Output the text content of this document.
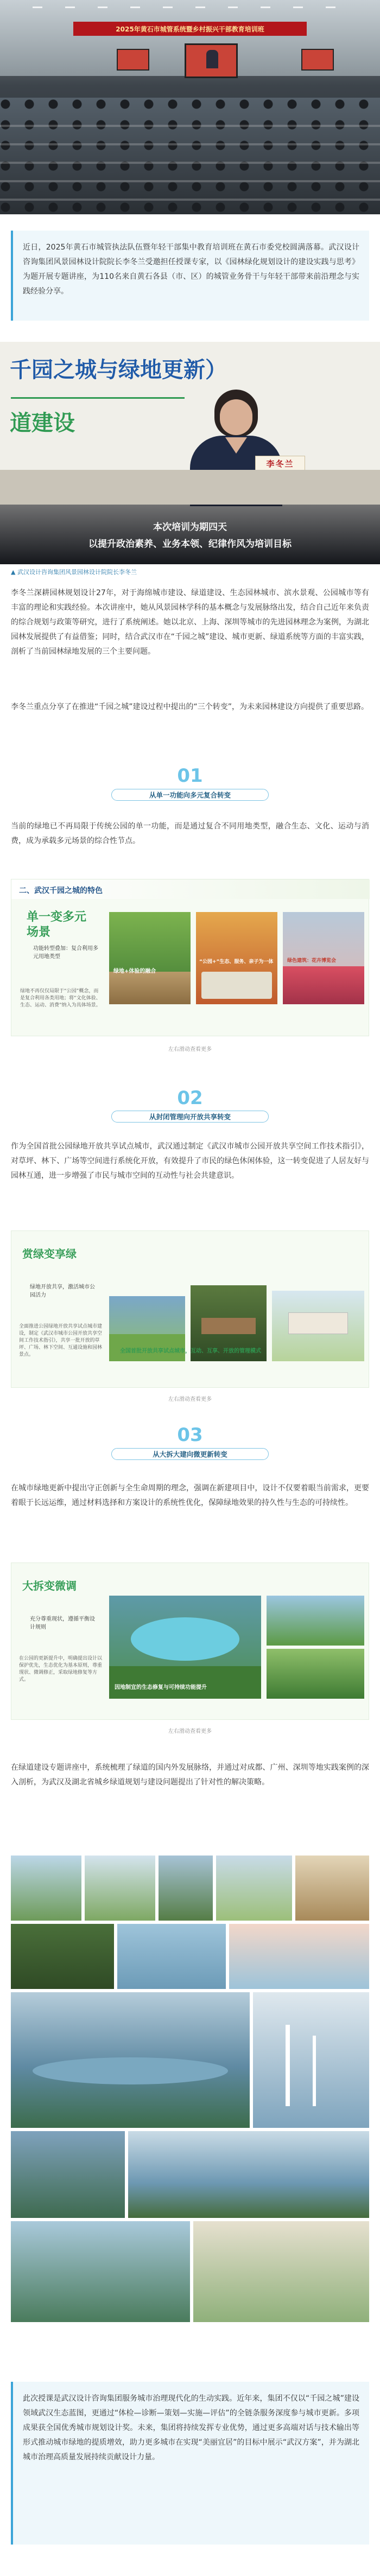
2025年黄石市城管系统暨乡村振兴干部教育培训班

近日，2025年黄石市城管执法队伍暨年轻干部集中教育培训班在黄石市委党校圆满落幕。武汉设计咨询集团风景园林设计院院长李冬兰受邀担任授课专家，以《园林绿化规划设计的建设实践与思考》为题开展专题讲座，为110名来自黄石各县（市、区）的城管业务骨干与年轻干部带来前沿理念与实践经验分享。

千园之城与绿地更新）
道建设
李冬兰
本次培训为期四天
以提升政治素养、业务本领、纪律作风为培训目标

▲ 武汉设计咨询集团风景园林设计院院长李冬兰

李冬兰深耕园林规划设计27年，对于海绵城市建设、绿道建设、生态园林城市、滨水景观、公园城市等有丰富的理论和实践经验。本次讲座中，她从风景园林学科的基本概念与发展脉络出发，结合自己近年来负责的综合规划与政策等研究，进行了系统阐述。她以北京、上海、深圳等城市的先进园林理念为案例，为湖北园林发展提供了有益借鉴；同时，结合武汉市在“千园之城”建设、城市更新、绿道系统等方面的丰富实践，剖析了当前园林绿地发展的三个主要问题。

李冬兰重点分享了在推进“千园之城”建设过程中提出的“三个转变”，为未来园林建设方向提供了重要思路。

01
从单一功能向多元复合转变

当前的绿地已不再局限于传统公园的单一功能，而是通过复合不同用地类型，融合生态、文化、运动与消费，成为承载多元场景的综合性节点。

二、武汉千园之城的特色
单一变多元场景
功能转型叠加：复合利用多元用地类型
绿地不再仅仅局限于“公园”概念，而是复合利用各类用地；将“文化体验、生态、运动、消费”纳入为具体场景。
绿地+体验的融合
“公园+”生态、服务、亲子为一体	绿色建筑：花卉博览会
左右滑动查看更多
02
从封闭管理向开放共享转变

作为全国首批公园绿地开放共享试点城市，武汉通过制定《武汉市城市公园开放共享空间工作技术指引》，对草坪、林下、广场等空间进行系统化开放，有效提升了市民的绿色休闲体验，这一转变促进了人居友好与园林互通，进一步增强了市民与城市空间的互动性与社会共建意识。

赏绿变享绿
绿地开放共享，激活城市公园活力
全面推进公园绿地开放共享试点城市建设，制定《武汉市城市公园开放共享空间工作技术指引》，共享一批开放的草坪、广场、林下空间、互通设施和园林景点。
全国首批开放共享试点城市，互动、互享、开放的管理模式
左右滑动查看更多
03
从大拆大建向微更新转变

在城市绿地更新中提出守正创新与全生命周期的理念，强调在新建项目中，设计不仅要着眼当前需求，更要着眼于长远运维，通过材料选择和方案设计的系统性优化，保障绿地效果的持久性与生态的可持续性。

大拆变微调
充分尊重现状，遵循平衡设计规则
在公园的更新提升中，明确提出设计以保护优先，生态优化为基本原则，尊重现状、微调修正，采取绿地修复等方式。
因地制宜的生态修复与可持续功能提升
左右滑动查看更多

在绿道建设专题讲座中，系统梳理了绿道的国内外发展脉络，并通过对成都、广州、深圳等地实践案例的深入剖析，为武汉及湖北省城乡绿道规划与建设问题提出了针对性的解决策略。

此次授课是武汉设计咨询集团服务城市治理现代化的生动实践。近年来，集团不仅以“千园之城”建设领域武汉生态蓝图，更通过“体检—诊断—策划—实施—评估”的全链条服务深度参与城市更新。多项成果获全国优秀城市规划设计奖。未来，集团将持续发挥专业优势，通过更多高端对话与技术输出等形式推动城市绿地的提质增效，助力更多城市在实现“美丽宜居”的目标中展示“武汉方案”，并为湖北城市治理高质量发展持续贡献设计力量。
